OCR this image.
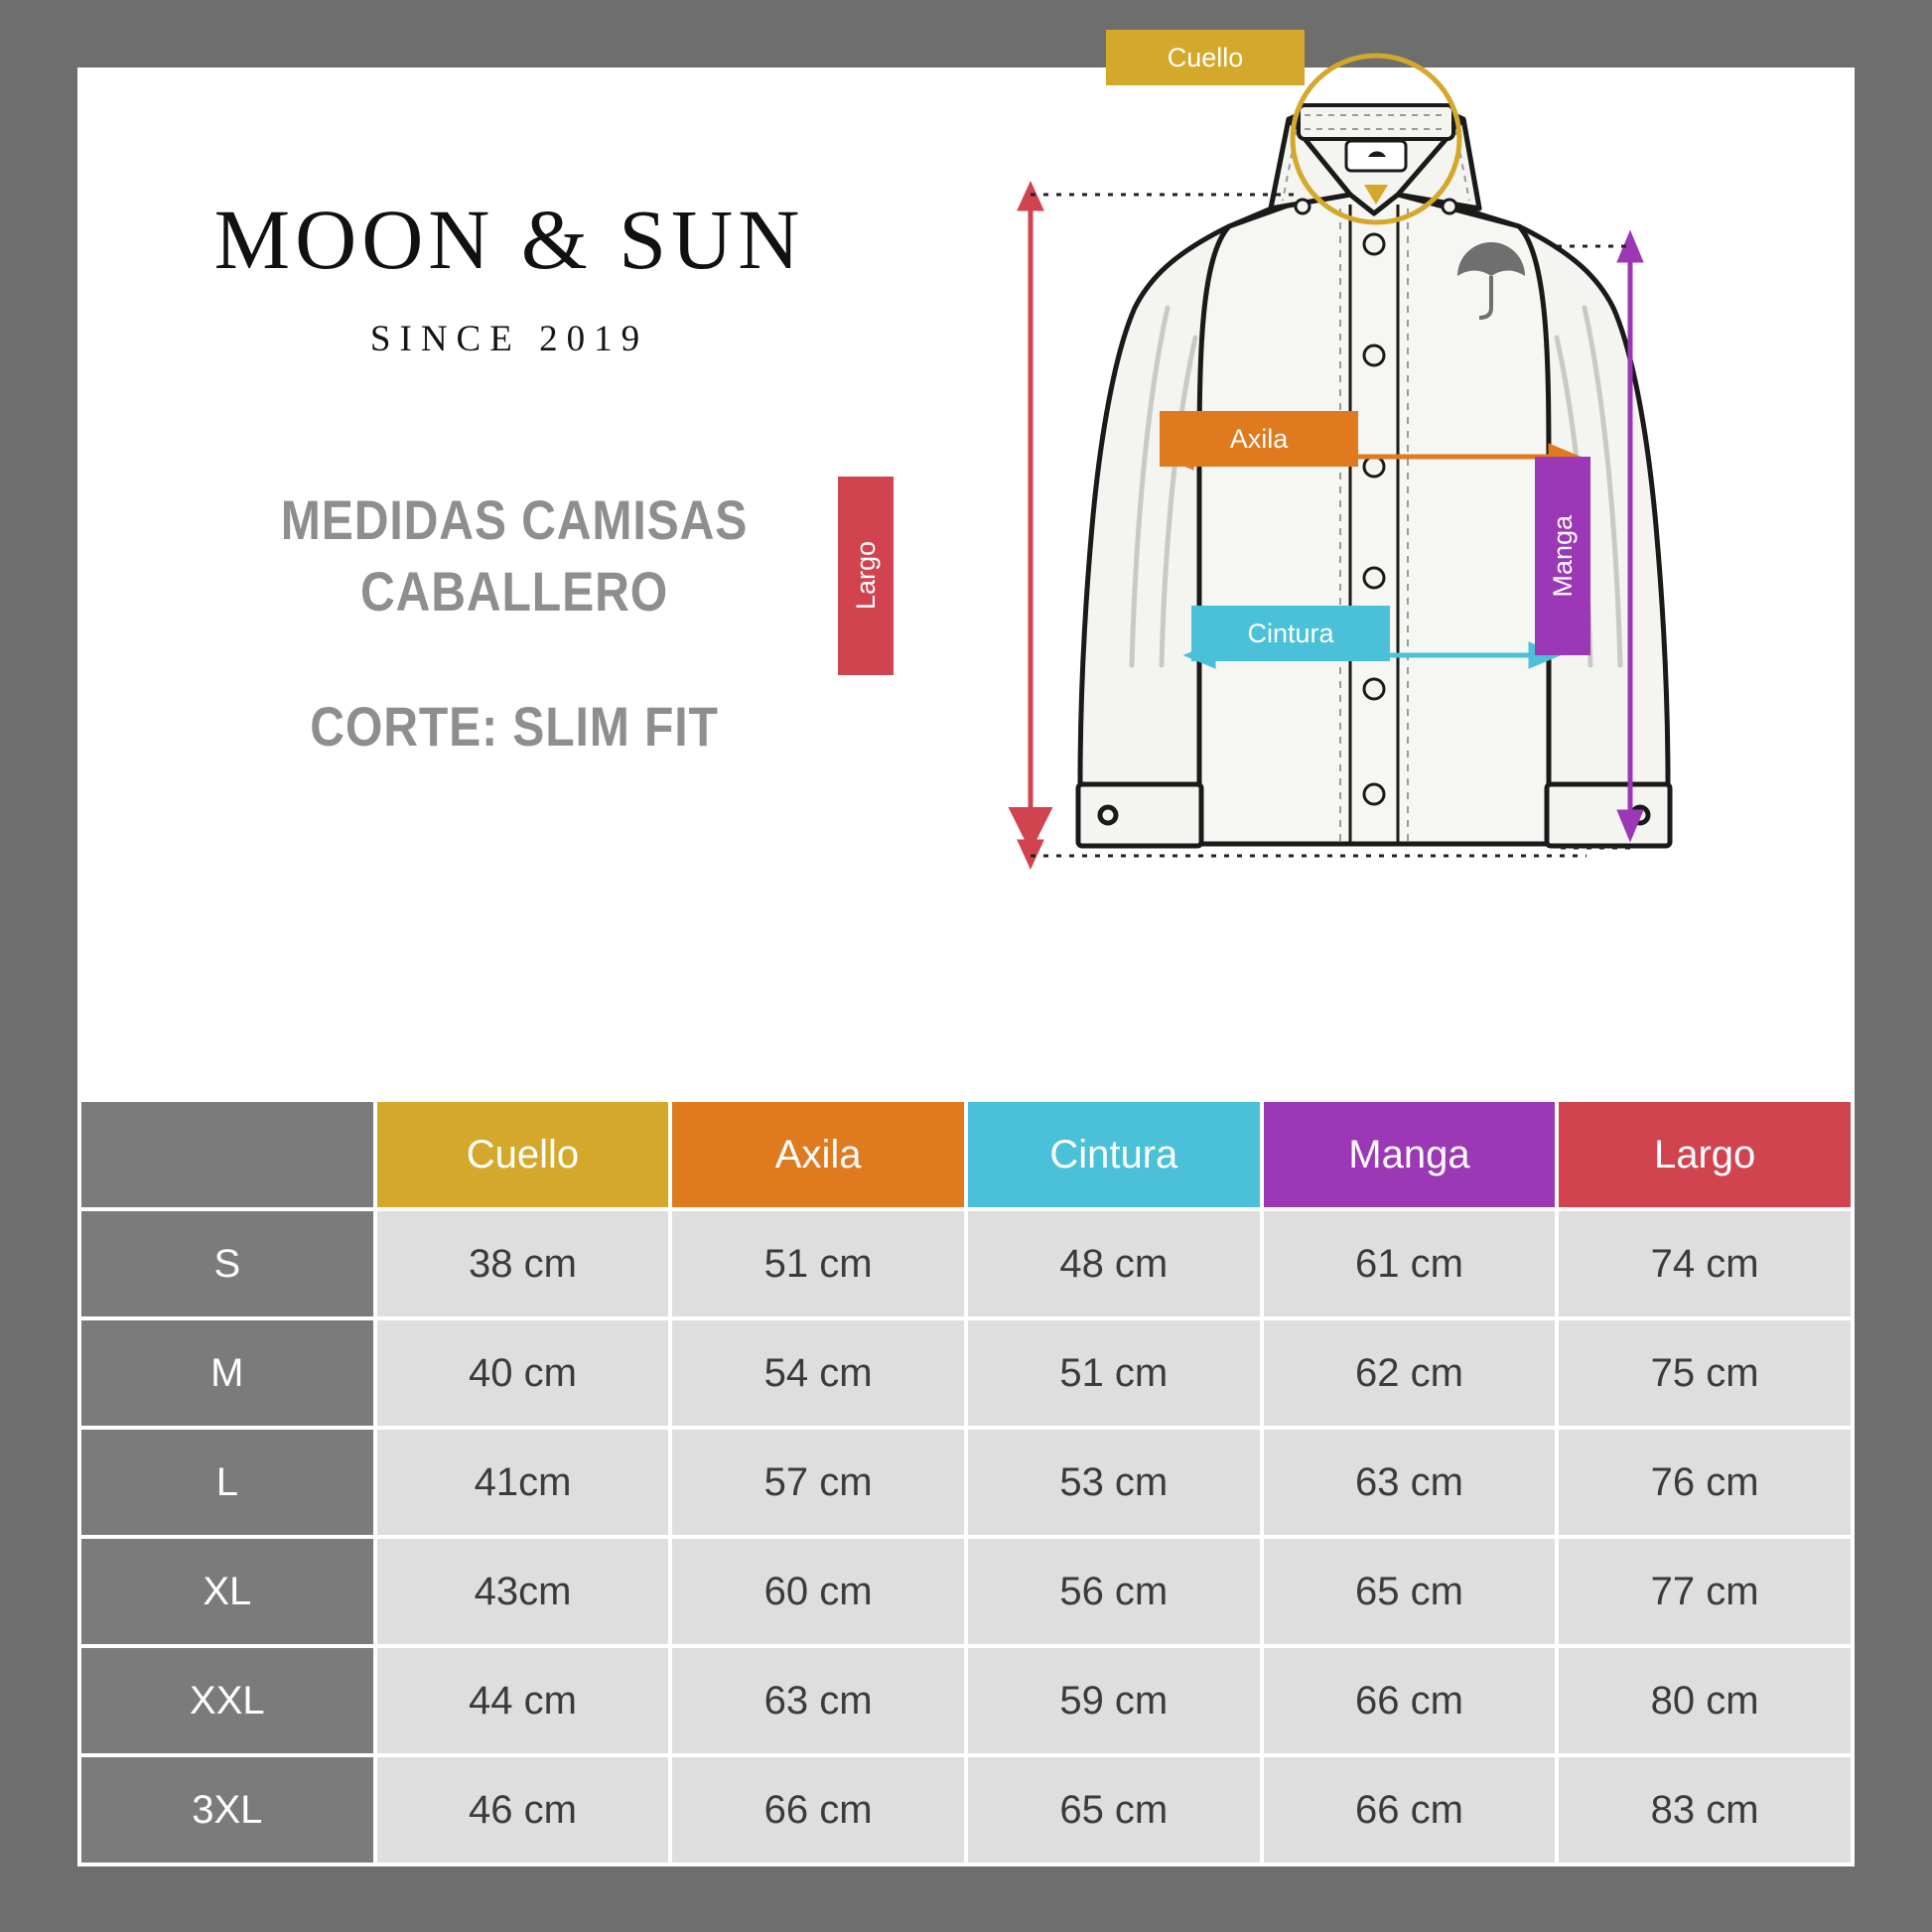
MOON & SUN
SINCE 2019
MEDIDAS CAMISAS
CABALLERO
CORTE: SLIM FIT
Cuello
Axila
Cintura
Largo	Manga
	Cuello	Axila	Cintura	Manga	Largo
S	38 cm	51 cm	48 cm	61 cm	74 cm
M	40 cm	54 cm	51 cm	62 cm	75 cm
L	41cm	57 cm	53 cm	63 cm	76 cm
XL	43cm	60 cm	56 cm	65 cm	77 cm
XXL	44 cm	63 cm	59 cm	66 cm	80 cm
3XL	46 cm	66 cm	65 cm	66 cm	83 cm
